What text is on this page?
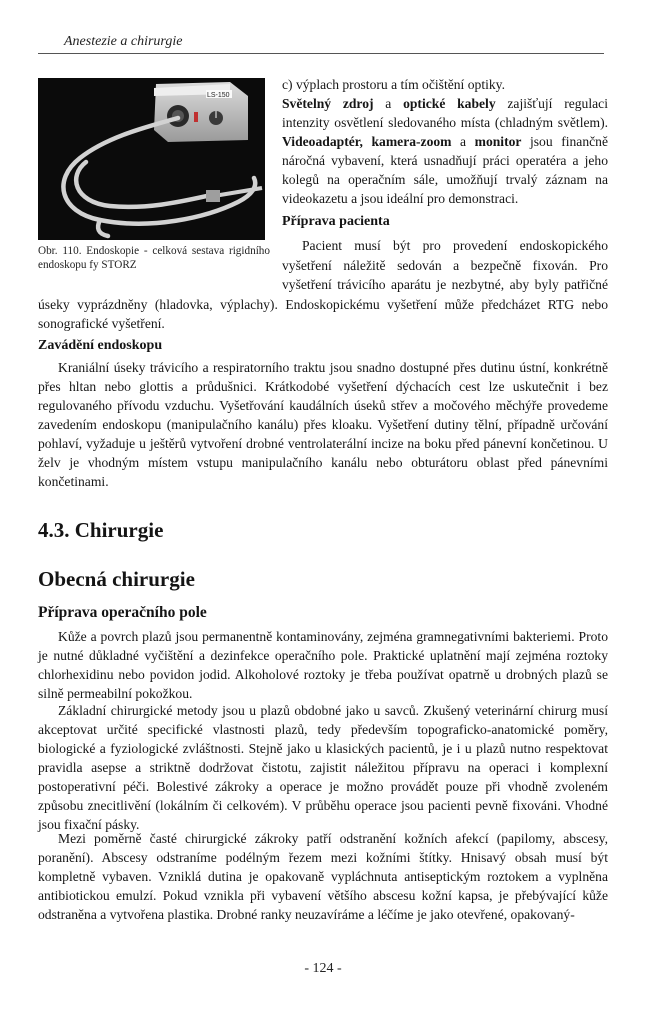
Anestezie a chirurgie
LS-150
Obr. 110. Endoskopie - celková sestava rigidního endoskopu fy STORZ

c) výplach prostoru a tím očištění optiky.

Světelný zdroj a optické kabely zajišťují regulaci intenzity osvětlení sledovaného místa (chladným světlem). Videoadaptér, kamera-zoom a monitor jsou finančně náročná vybavení, která usnadňují práci operatéra a jeho kolegů na operačním sále, umožňují trvalý záznam na videokazetu a jsou ideální pro demonstraci.

Příprava pacienta

Pacient musí být pro provedení endoskopického vyšetření náležitě sedován a bezpečně fixován. Pro vyšetření trávicího aparátu je nezbytné, aby byly patřičné úseky vyprázdněny (hladovka, výplachy). Endoskopickému vyšetření může předcházet RTG nebo sonografické vyšetření.

Zavádění endoskopu

Kraniální úseky trávicího a respiratorního traktu jsou snadno dostupné přes dutinu ústní, konkrétně přes hltan nebo glottis a průdušnici. Krátkodobé vyšetření dýchacích cest lze uskutečnit i bez regulovaného přívodu vzduchu. Vyšetřování kaudálních úseků střev a močového měchýře provedeme zavedením endoskopu (manipulačního kanálu) přes kloaku. Vyšetření dutiny tělní, případně určování pohlaví, vyžaduje u ještěrů vytvoření drobné ventrolaterální incize na boku před pánevní končetinou. U želv je vhodným místem vstupu manipulačního kanálu nebo obturátoru oblast před pánevními končetinami.

4.3. Chirurgie
Obecná chirurgie
Příprava operačního pole

Kůže a povrch plazů jsou permanentně kontaminovány, zejména gramnegativními bakteriemi. Proto je nutné důkladné vyčištění a dezinfekce operačního pole. Praktické uplatnění mají zejména roztoky chlorhexidinu nebo povidon jodid. Alkoholové roztoky je třeba používat opatrně u drobných plazů se silně permeabilní pokožkou.

Základní chirurgické metody jsou u plazů obdobné jako u savců. Zkušený veterinární chirurg musí akceptovat určité specifické vlastnosti plazů, tedy především topograficko-anatomické poměry, biologické a fyziologické zvláštnosti. Stejně jako u klasických pacientů, je i u plazů nutno respektovat pravidla asepse a striktně dodržovat čistotu, zajistit náležitou přípravu na operaci i komplexní postoperativní péči. Bolestivé zákroky a operace je možno provádět pouze při vhodně zvoleném způsobu znecitlivění (lokálním či celkovém). V průběhu operace jsou pacienti pevně fixováni. Vhodné jsou fixační pásky.

Mezi poměrně časté chirurgické zákroky patří odstranění kožních afekcí (papilomy, abscesy, poranění). Abscesy odstraníme podélným řezem mezi kožními štítky. Hnisavý obsah musí být kompletně vybaven. Vzniklá dutina je opakovaně vypláchnuta antiseptickým roztokem a vyplněna antibiotickou emulzí. Pokud vznikla při vybavení většího abscesu kožní kapsa, je přebývající kůže odstraněna a vytvořena plastika. Drobné ranky neuzavíráme a léčíme je jako otevřené, opakovaný-

- 124 -
